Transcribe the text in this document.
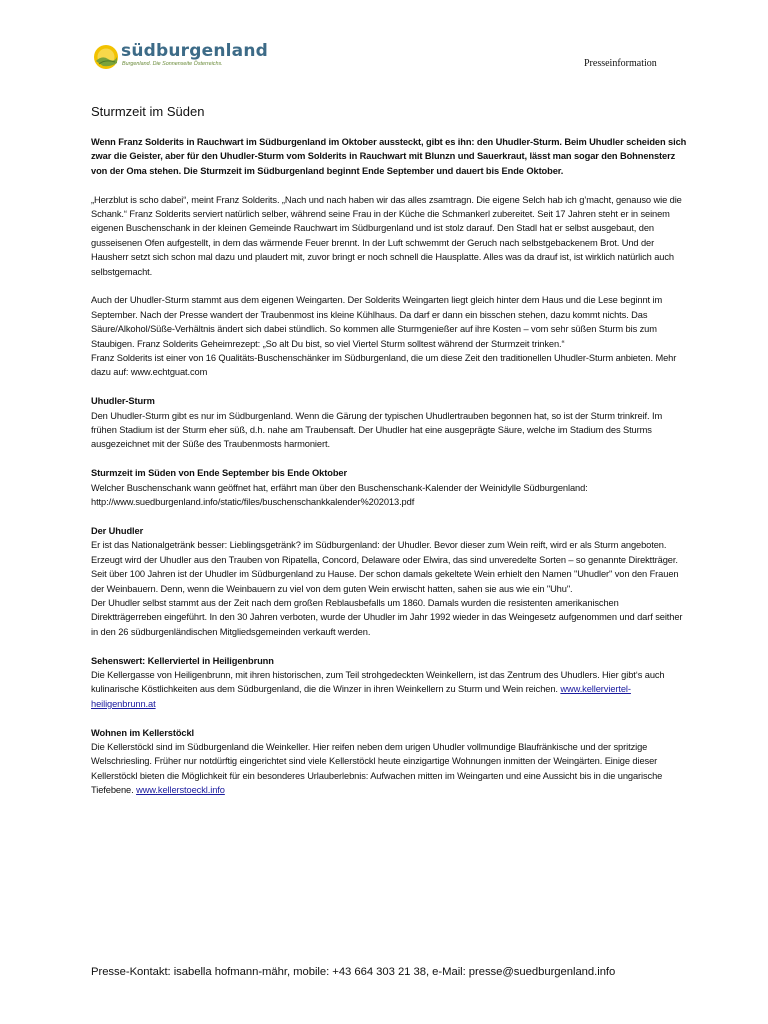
südburgenland
Burgenland. Die Sonnenseite Österreichs.	Presseinformation
Sturmzeit im Süden

Wenn Franz Solderits in Rauchwart im Südburgenland im Oktober aussteckt, gibt es ihn: den Uhudler-Sturm. Beim Uhudler scheiden sich zwar die Geister, aber für den Uhudler-Sturm vom Solderits in Rauchwart mit Blunzn und Sauerkraut, lässt man sogar den Bohnensterz von der Oma stehen. Die Sturmzeit im Südburgenland beginnt Ende September und dauert bis Ende Oktober.

„Herzblut is scho dabei“, meint Franz Solderits. „Nach und nach haben wir das alles zsamtragn. Die eigene Selch hab ich g’macht, genauso wie die Schank.“ Franz Solderits serviert natürlich selber, während seine Frau in der Küche die Schmankerl zubereitet. Seit 17 Jahren steht er in seinem eigenen Buschenschank in der kleinen Gemeinde Rauchwart im Südburgenland und ist stolz darauf. Den Stadl hat er selbst ausgebaut, den gusseisenen Ofen aufgestellt, in dem das wärmende Feuer brennt. In der Luft schwemmt der Geruch nach selbstgebackenem Brot. Und der Hausherr setzt sich schon mal dazu und plaudert mit, zuvor bringt er noch schnell die Hausplatte. Alles was da drauf ist, ist wirklich natürlich auch selbstgemacht.

Auch der Uhudler-Sturm stammt aus dem eigenen Weingarten. Der Solderits Weingarten liegt gleich hinter dem Haus und die Lese beginnt im September. Nach der Presse wandert der Traubenmost ins kleine Kühlhaus. Da darf er dann ein bisschen stehen, dazu kommt nichts. Das Säure/Alkohol/Süße-Verhältnis ändert sich dabei stündlich. So kommen alle Sturmgenießer auf ihre Kosten – vom sehr süßen Sturm bis zum Staubigen. Franz Solderits Geheimrezept: „So alt Du bist, so viel Viertel Sturm solltest während der Sturmzeit trinken.“

Franz Solderits ist einer von 16 Qualitäts-Buschenschänker im Südburgenland, die um diese Zeit den traditionellen Uhudler-Sturm anbieten. Mehr dazu auf: www.echtguat.com

Uhudler-Sturm

Den Uhudler-Sturm gibt es nur im Südburgenland. Wenn die Gärung der typischen Uhudlertrauben begonnen hat, so ist der Sturm trinkreif. Im frühen Stadium ist der Sturm eher süß, d.h. nahe am Traubensaft. Der Uhudler hat eine ausgeprägte Säure, welche im Stadium des Sturms ausgezeichnet mit der Süße des Traubenmosts harmoniert.

Sturmzeit im Süden von Ende September bis Ende Oktober

Welcher Buschenschank wann geöffnet hat, erfährt man über den Buschenschank-Kalender der Weinidylle Südburgenland: http://www.suedburgenland.info/static/files/buschenschankkalender%202013.pdf

Der Uhudler

Er ist das Nationalgetränk besser: Lieblingsgetränk? im Südburgenland: der Uhudler. Bevor dieser zum Wein reift, wird er als Sturm angeboten. Erzeugt wird der Uhudler aus den Trauben von Ripatella, Concord, Delaware oder Elwira, das sind unveredelte Sorten – so genannte Direktträger. Seit über 100 Jahren ist der Uhudler im Südburgenland zu Hause. Der schon damals gekeltete Wein erhielt den Namen "Uhudler" von den Frauen der Weinbauern. Denn, wenn die Weinbauern zu viel von dem guten Wein erwischt hatten, sahen sie aus wie ein "Uhu".

Der Uhudler selbst stammt aus der Zeit nach dem großen Reblausbefalls um 1860. Damals wurden die resistenten amerikanischen Direktträgerreben eingeführt. In den 30 Jahren verboten, wurde der Uhudler im Jahr 1992 wieder in das Weingesetz aufgenommen und darf seither in den 26 südburgenländischen Mitgliedsgemeinden verkauft werden.

Sehenswert: Kellerviertel in Heiligenbrunn

Die Kellergasse von Heiligenbrunn, mit ihren historischen, zum Teil strohgedeckten Weinkellern, ist das Zentrum des Uhudlers. Hier gibt‘s auch kulinarische Köstlichkeiten aus dem Südburgenland, die die Winzer in ihren Weinkellern zu Sturm und Wein reichen. www.kellerviertel-heiligenbrunn.at

Wohnen im Kellerstöckl

Die Kellerstöckl sind im Südburgenland die Weinkeller. Hier reifen neben dem urigen Uhudler vollmundige Blaufränkische und der spritzige Welschriesling. Früher nur notdürftig eingerichtet sind viele Kellerstöckl heute einzigartige Wohnungen inmitten der Weingärten. Einige dieser Kellerstöckl bieten die Möglichkeit für ein besonderes Urlauberlebnis: Aufwachen mitten im Weingarten und eine Aussicht bis in die ungarische Tiefebene. www.kellerstoeckl.info

Presse-Kontakt: isabella hofmann-mähr, mobile: +43 664 303 21 38, e-Mail: presse@suedburgenland.info
